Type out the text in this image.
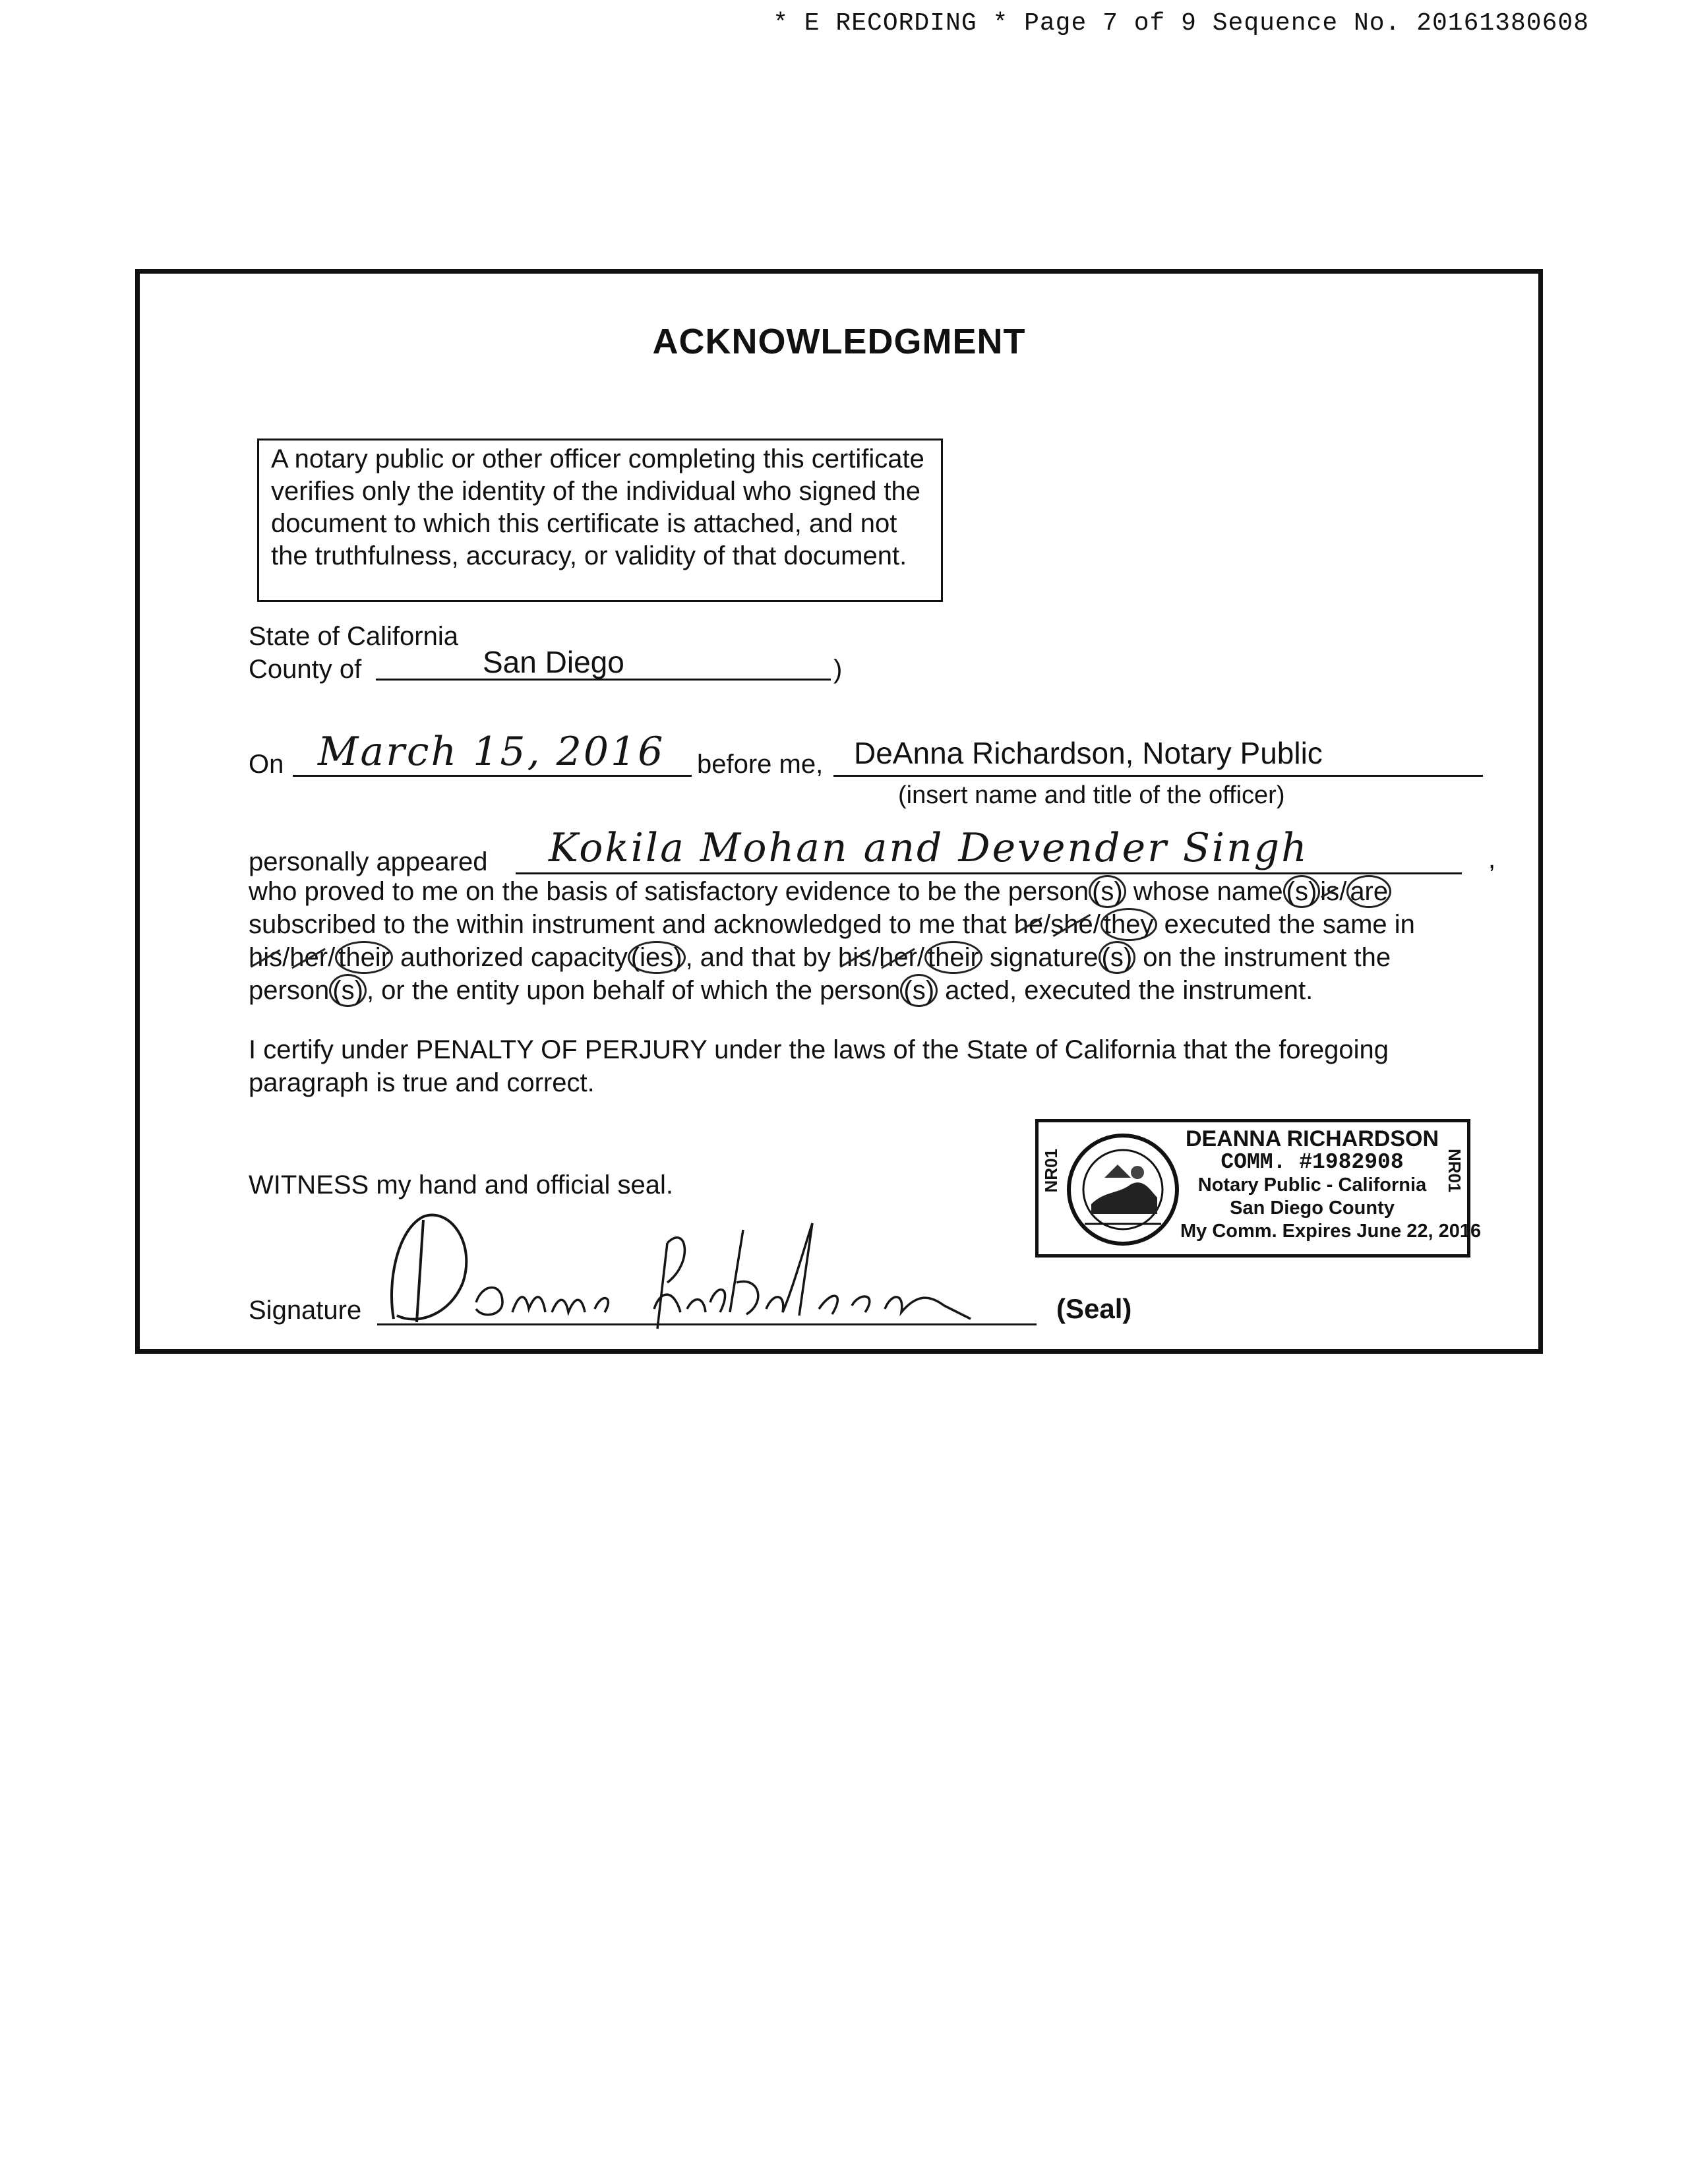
* E RECORDING * Page 7 of 9 Sequence No. 20161380608
ACKNOWLEDGMENT
A notary public or other officer completing this certificate verifies only the identity of the individual who signed the document to which this certificate is attached, and not the truthfulness, accuracy, or validity of that document.
State of California
County of	San Diego	)
On March 15, 2016 before me, DeAnna Richardson, Notary Public
(insert name and title of the officer)
personally appeared Kokila Mohan and Devender Singh	,
who proved to me on the basis of satisfactory evidence to be the person (s) whose name (s) is/ are
subscribed to the within instrument and acknowledged to me that he/she/ they executed the same in
his/her/ their authorized capacity (ies) , and that by his/her/ their signature (s) on the instrument the
person (s) , or the entity upon behalf of which the person (s) acted, executed the instrument.
I certify under PENALTY OF PERJURY under the laws of the State of California that the foregoing
paragraph is true and correct.
WITNESS my hand and official seal.
Signature	(Seal)
NR01
DEANNA RICHARDSON
COMM. #1982908
Notary Public - California
San Diego County
My Comm. Expires June 22, 2016
NR01
